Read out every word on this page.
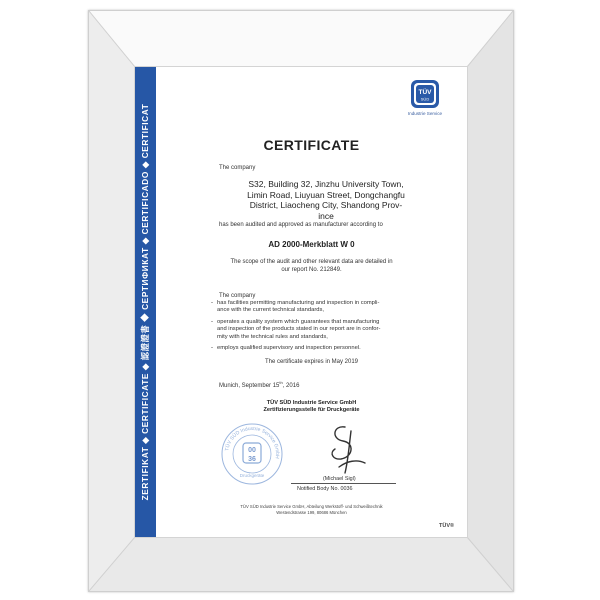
ZERTIFIKAT ◆ CERTIFICATE ◆ 認證證書 ◆ СЕРТИФИКАТ ◆ CERTIFICADO ◆ CERTIFICAT
TÜV
SÜD
Industrie Service
CERTIFICATE
The company
S32, Building 32, Jinzhu University Town,
Limin Road, Liuyuan Street, Dongchangfu
District, Liaocheng City, Shandong Prov-
ince
has been audited and approved as manufacturer according to
AD 2000-Merkblatt W 0
The scope of the audit and other relevant data are detailed in
our report No. 212849.
The company
- has facilities permitting manufacturing and inspection in compli-
ance with the current technical standards,
- operates a quality system which guarantees that manufacturing
and inspection of the products stated in our report are in confor-
mity with the technical rules and standards,
- employs qualified supervisory and inspection personnel.
The certificate expires in May 2019
Munich, September 15th, 2016
TÜV SÜD Industrie Service GmbH
Zertifizierungsstelle für Druckgeräte
TÜV SÜD Industrie Service GmbH
00
36
Druckgeräte
(Michael Sigl)
Notified Body No. 0036
TÜV SÜD Industrie Service GmbH, Abteilung Werkstoff- und Schweißtechnik
Westendstrasse 199, 80686 München
TÜV®
